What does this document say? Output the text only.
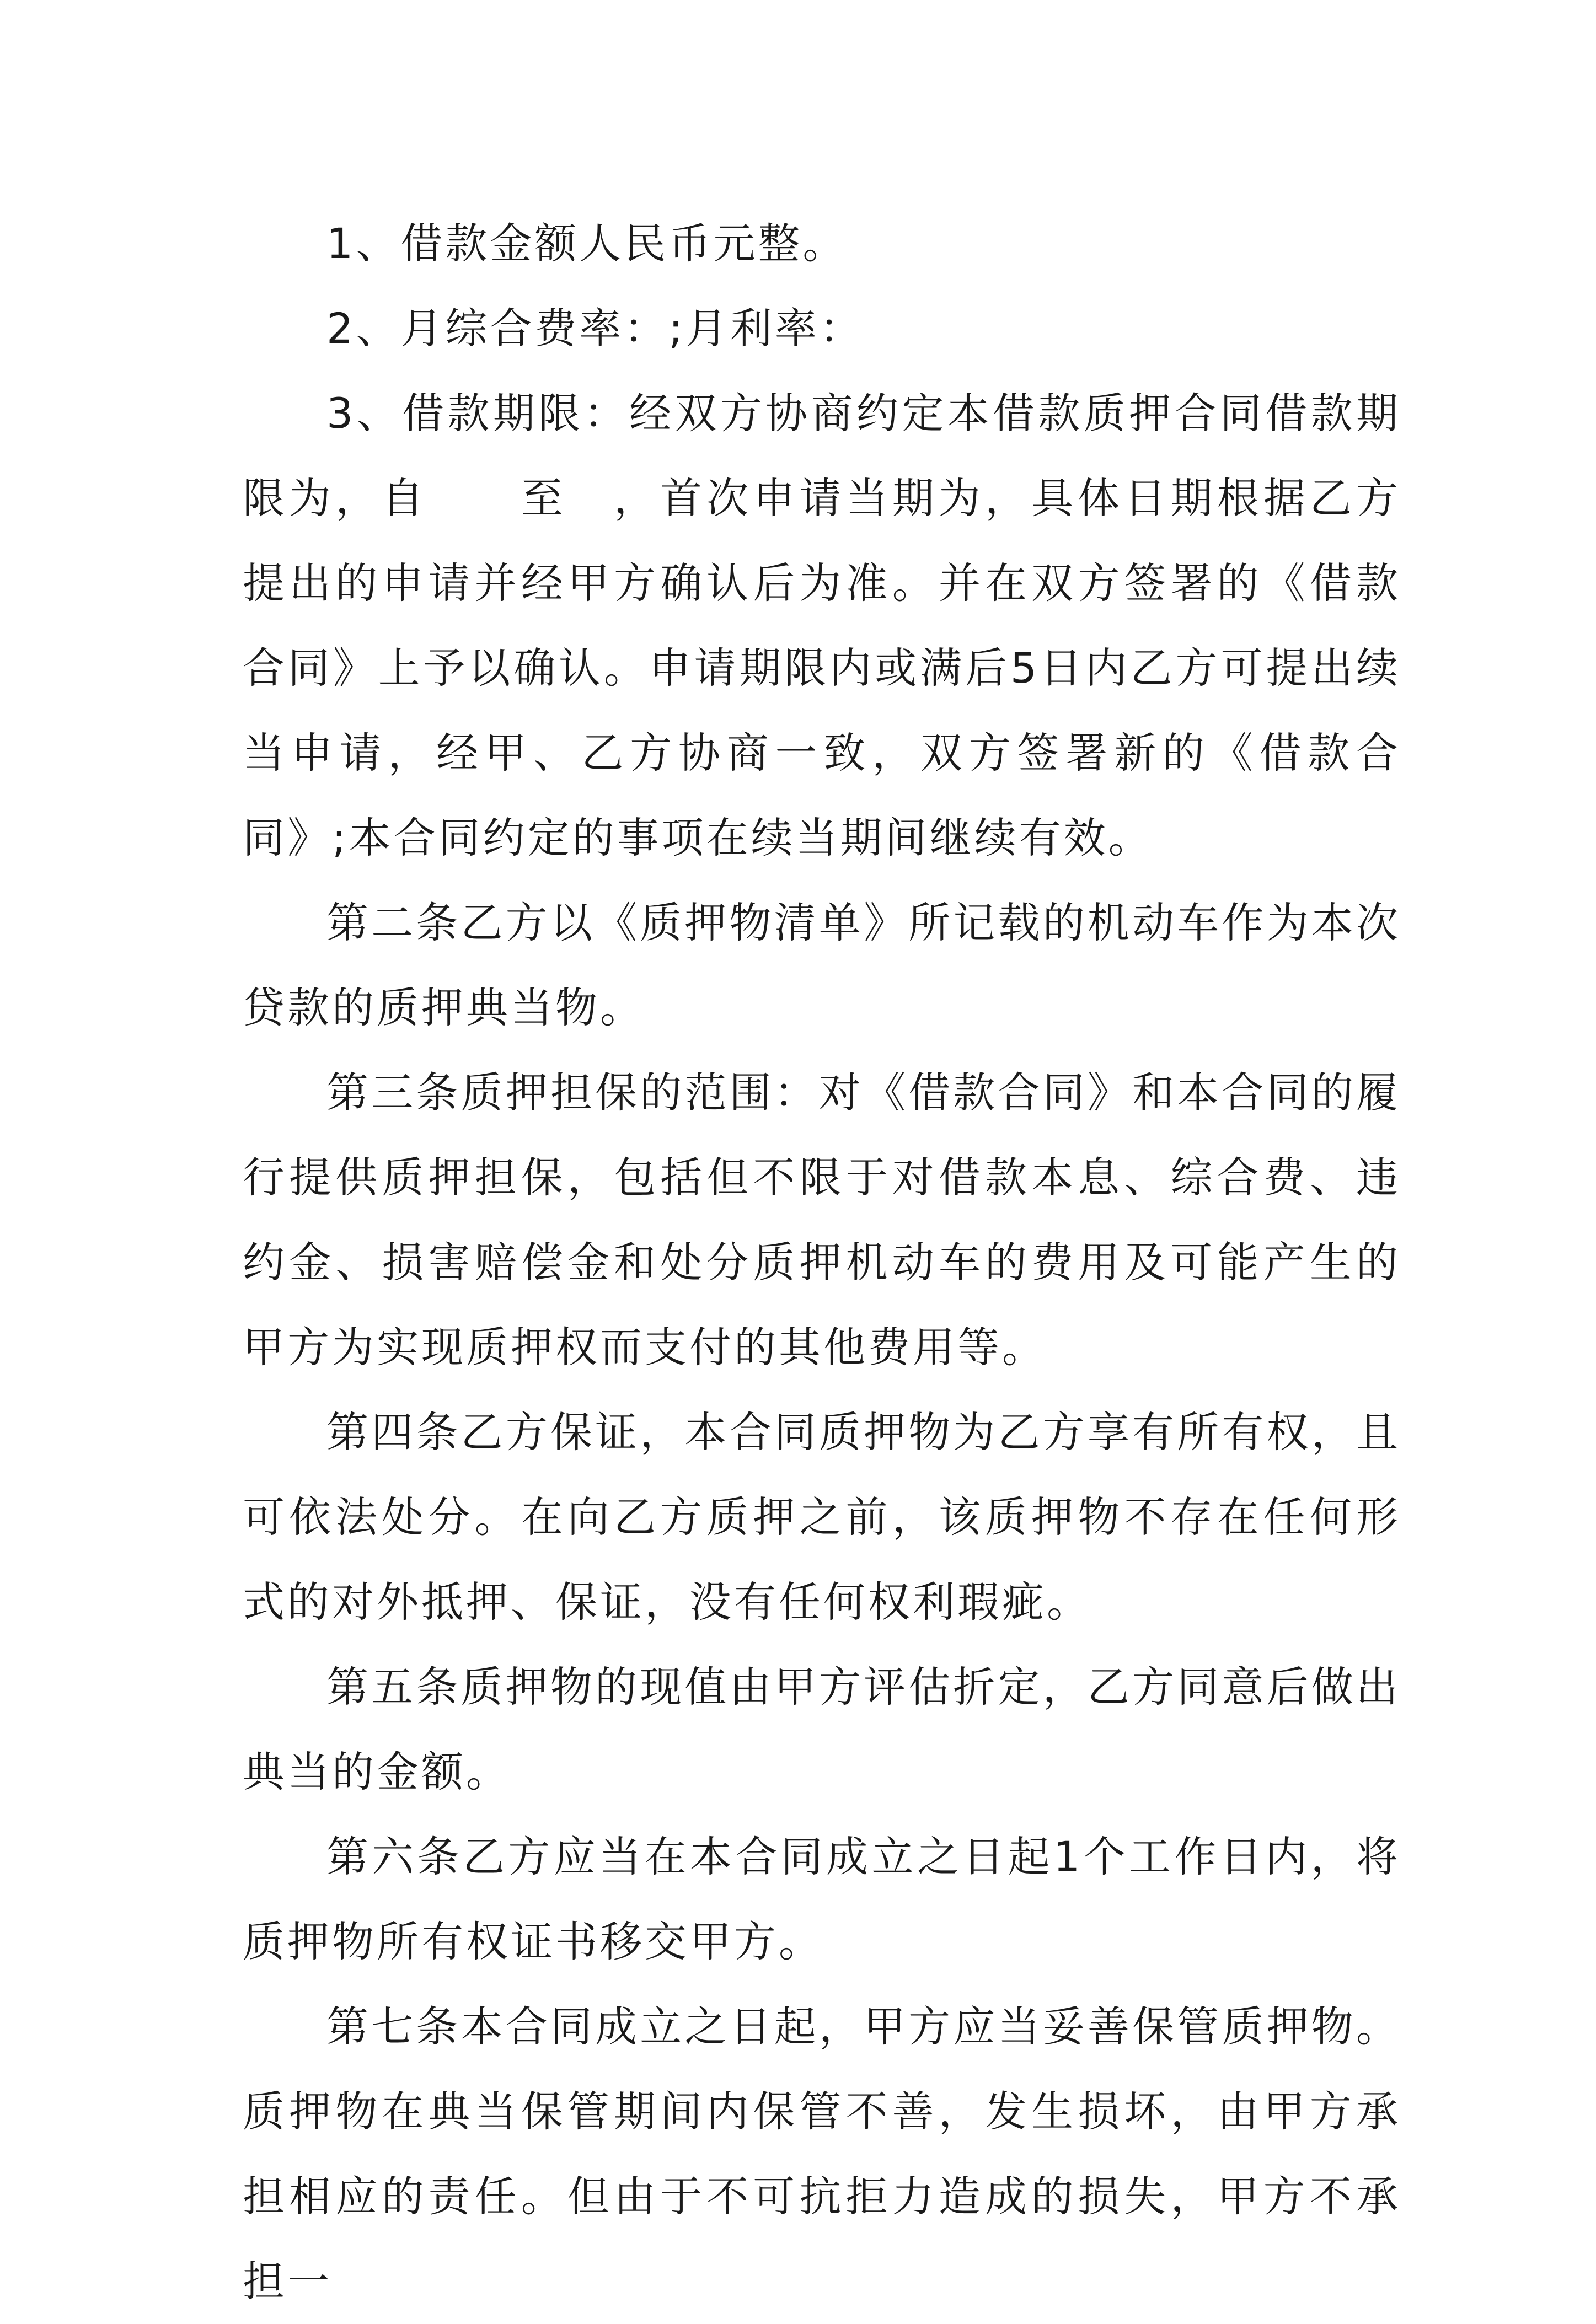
1、借款金额人民币元整。

2、月综合费率：;月利率：

3、借款期限：经双方协商约定本借款质押合同借款期限为，自　　至　，首次申请当期为，具体日期根据乙方提出的申请并经甲方确认后为准。并在双方签署的《借款合同》上予以确认。申请期限内或满后5日内乙方可提出续当申请，经甲、乙方协商一致，双方签署新的《借款合同》;本合同约定的事项在续当期间继续有效。

第二条乙方以《质押物清单》所记载的机动车作为本次贷款的质押典当物。

第三条质押担保的范围：对《借款合同》和本合同的履行提供质押担保，包括但不限于对借款本息、综合费、违约金、损害赔偿金和处分质押机动车的费用及可能产生的甲方为实现质押权而支付的其他费用等。

第四条乙方保证，本合同质押物为乙方享有所有权，且可依法处分。在向乙方质押之前，该质押物不存在任何形式的对外抵押、保证，没有任何权利瑕疵。

第五条质押物的现值由甲方评估折定，乙方同意后做出典当的金额。

第六条乙方应当在本合同成立之日起1个工作日内，将质押物所有权证书移交甲方。

第七条本合同成立之日起，甲方应当妥善保管质押物。质押物在典当保管期间内保管不善，发生损坏，由甲方承担相应的责任。但由于不可抗拒力造成的损失，甲方不承担一
